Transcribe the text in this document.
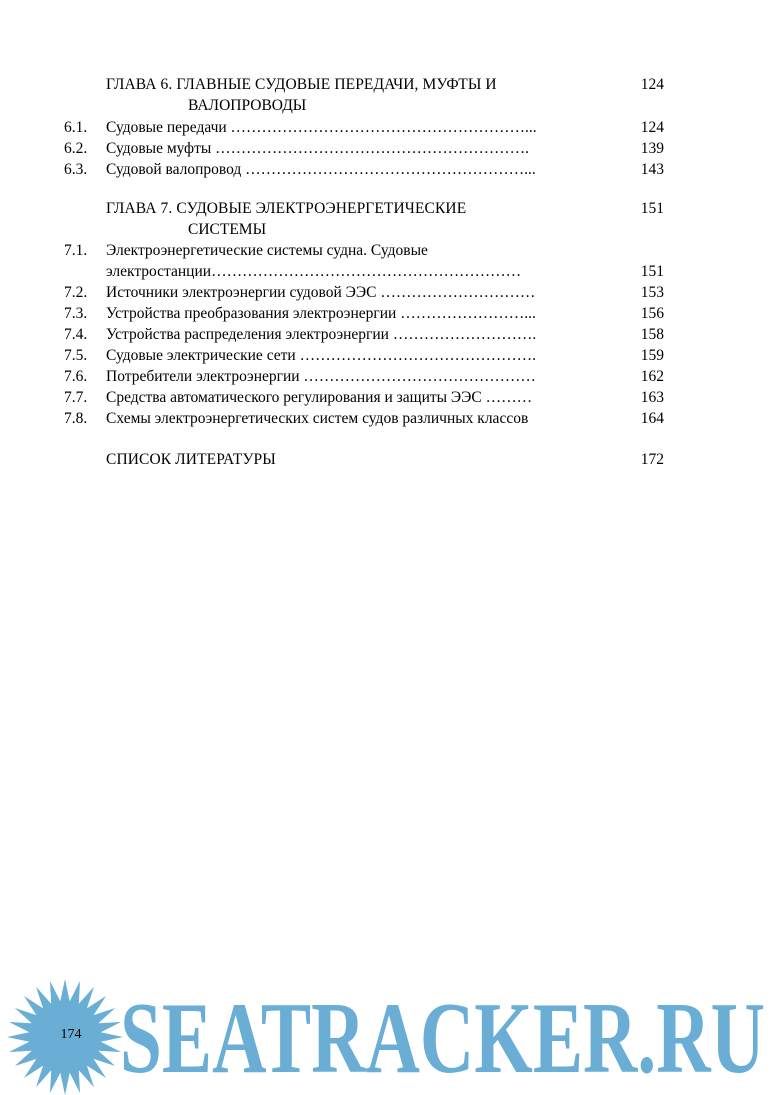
ГЛАВА 6. ГЛАВНЫЕ СУДОВЫЕ ПЕРЕДАЧИ, МУФТЫ И	124
ВАЛОПРОВОДЫ
6.1. Судовые передачи …………………………………………………...	124
6.2. Судовые муфты …………………………………………………….	139
6.3. Судовой валопровод ………………………………………………...	143
ГЛАВА 7. СУДОВЫЕ ЭЛЕКТРОЭНЕРГЕТИЧЕСКИЕ	151
СИСТЕМЫ
7.1. Электроэнергетические системы судна. Судовые
электростанции……………………………………………………	151
7.2. Источники электроэнергии судовой ЭЭС …………………………	153
7.3. Устройства преобразования электроэнергии ……………………...	156
7.4. Устройства распределения электроэнергии ……………………….	158
7.5. Судовые электрические сети ……………………………………….	159
7.6. Потребители электроэнергии ………………………………………	162
7.7. Средства автоматического регулирования и защиты ЭЭС ………	163
7.8. Схемы электроэнергетических систем судов различных классов	164
СПИСОК ЛИТЕРАТУРЫ	172
174 SEATRACKER.RU
